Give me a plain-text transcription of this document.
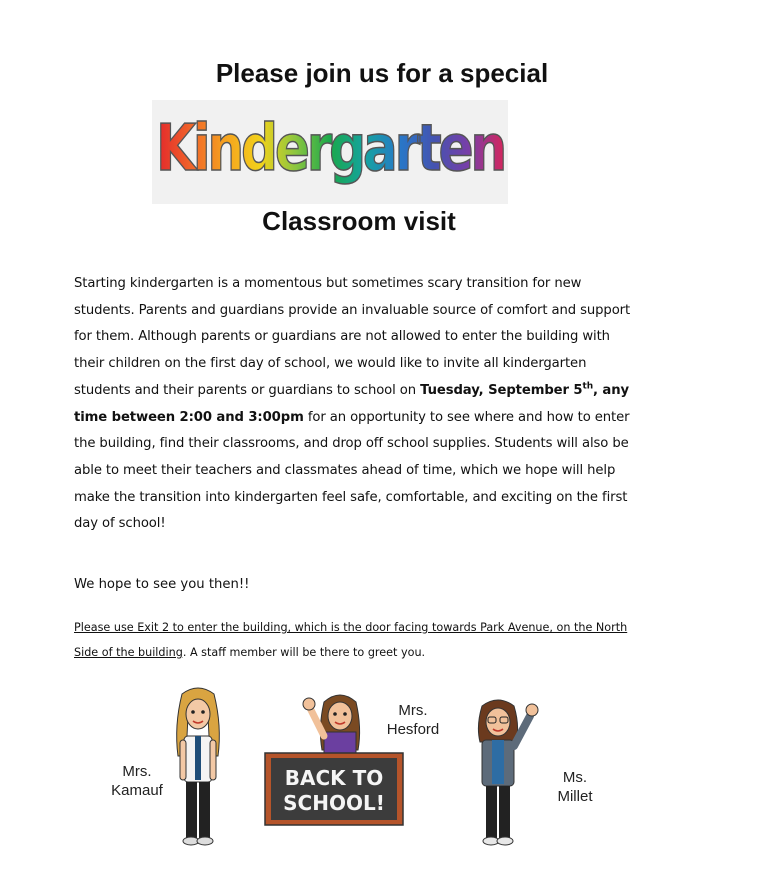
Please join us for a special
Kindergarten
Classroom visit
Starting kindergarten is a momentous but sometimes scary transition for new students. Parents and guardians provide an invaluable source of comfort and support for them. Although parents or guardians are not allowed to enter the building with their children on the first day of school, we would like to invite all kindergarten students and their parents or guardians to school on Tuesday, September 5th, any time between 2:00 and 3:00pm for an opportunity to see where and how to enter the building, find their classrooms, and drop off school supplies. Students will also be able to meet their teachers and classmates ahead of time, which we hope will help make the transition into kindergarten feel safe, comfortable, and exciting on the first day of school!
We hope to see you then!!
Please use Exit 2 to enter the building, which is the door facing towards Park Avenue, on the North Side of the building. A staff member will be there to greet you.
Mrs.
Kamauf
BACK TO
SCHOOL!
Mrs.
Hesford
Ms.
Millet
